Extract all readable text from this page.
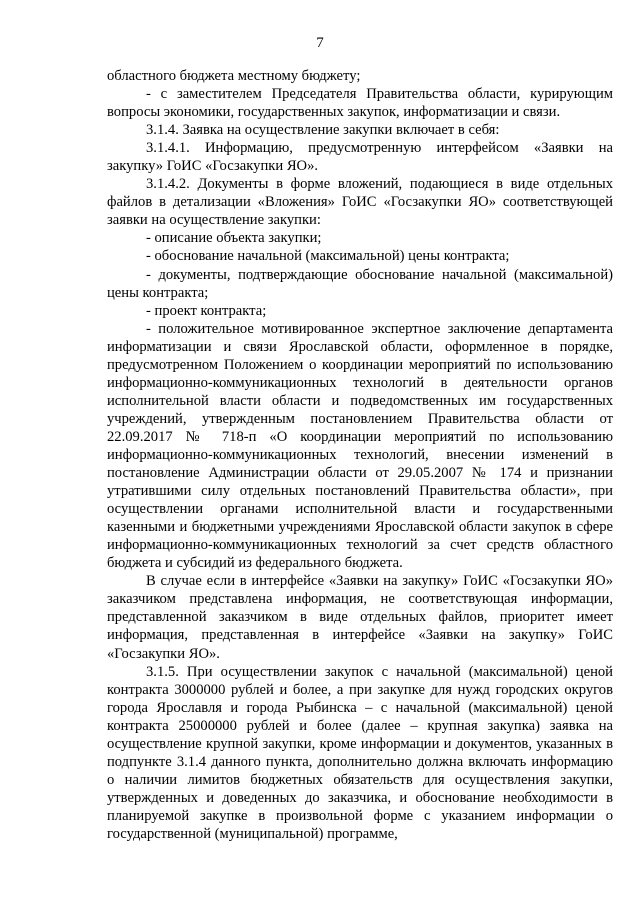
7

областного бюджета местному бюджету;

- с заместителем Председателя Правительства области, курирующим вопросы экономики, государственных закупок, информатизации и связи.

3.1.4. Заявка на осуществление закупки включает в себя:

3.1.4.1. Информацию, предусмотренную интерфейсом «Заявки на закупку» ГоИС «Госзакупки ЯО».

3.1.4.2. Документы в форме вложений, подающиеся в виде отдельных файлов в детализации «Вложения» ГоИС «Госзакупки ЯО» соответствующей заявки на осуществление закупки:

- описание объекта закупки;

- обоснование начальной (максимальной) цены контракта;

- документы, подтверждающие обоснование начальной (максимальной) цены контракта;

- проект контракта;

- положительное мотивированное экспертное заключение департамента информатизации и связи Ярославской области, оформленное в порядке, предусмотренном Положением о координации мероприятий по использованию информационно-коммуникационных технологий в деятельности органов исполнительной власти области и подведомственных им государственных учреждений, утвержденным постановлением Правительства области от 22.09.2017 № 718-п «О координации мероприятий по использованию информационно-коммуникационных технологий, внесении изменений в постановление Администрации области от 29.05.2007 № 174 и признании утратившими силу отдельных постановлений Правительства области», при осуществлении органами исполнительной власти и государственными казенными и бюджетными учреждениями Ярославской области закупок в сфере информационно-коммуникационных технологий за счет средств областного бюджета и субсидий из федерального бюджета.

В случае если в интерфейсе «Заявки на закупку» ГоИС «Госзакупки ЯО» заказчиком представлена информация, не соответствующая информации, представленной заказчиком в виде отдельных файлов, приоритет имеет информация, представленная в интерфейсе «Заявки на закупку» ГоИС «Госзакупки ЯО».

3.1.5. При осуществлении закупок с начальной (максимальной) ценой контракта 3000000 рублей и более, а при закупке для нужд городских округов города Ярославля и города Рыбинска – с начальной (максимальной) ценой контракта 25000000 рублей и более (далее – крупная закупка) заявка на осуществление крупной закупки, кроме информации и документов, указанных в подпункте 3.1.4 данного пункта, дополнительно должна включать информацию о наличии лимитов бюджетных обязательств для осуществления закупки, утвержденных и доведенных до заказчика, и обоснование необходимости в планируемой закупке в произвольной форме с указанием информации о государственной (муниципальной) программе,
